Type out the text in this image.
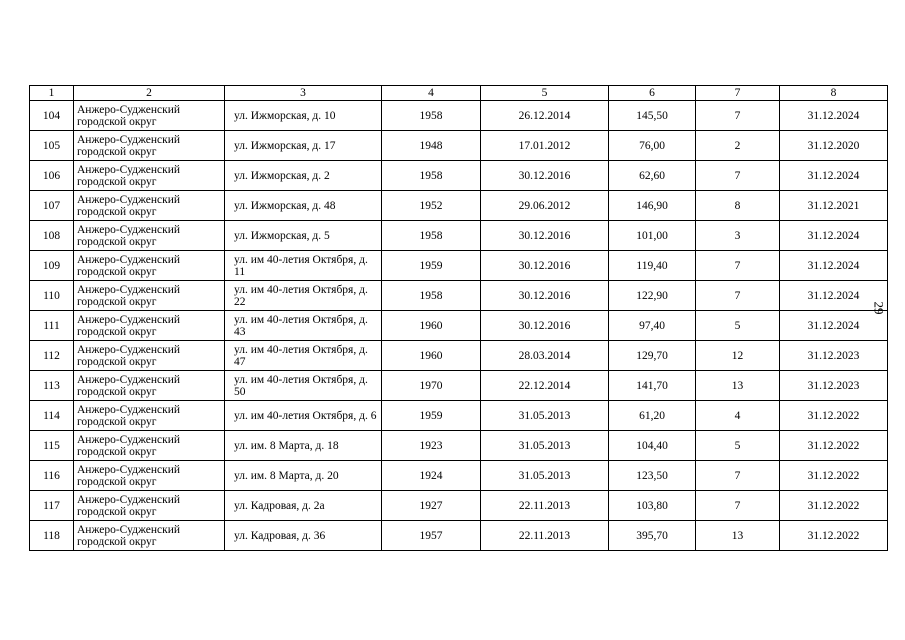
1	2	3	4	5	6	7	8
104	Анжеро-Судженский городской округ	ул. Ижморская, д. 10	1958	26.12.2014	145,50	7	31.12.2024
105	Анжеро-Судженский городской округ	ул. Ижморская, д. 17	1948	17.01.2012	76,00	2	31.12.2020
106	Анжеро-Судженский городской округ	ул. Ижморская, д. 2	1958	30.12.2016	62,60	7	31.12.2024
107	Анжеро-Судженский городской округ	ул. Ижморская, д. 48	1952	29.06.2012	146,90	8	31.12.2021
108	Анжеро-Судженский городской округ	ул. Ижморская, д. 5	1958	30.12.2016	101,00	3	31.12.2024
109	Анжеро-Судженский городской округ	ул. им 40-летия Октября, д. 11	1959	30.12.2016	119,40	7	31.12.2024
110	Анжеро-Судженский городской округ	ул. им 40-летия Октября, д. 22	1958	30.12.2016	122,90	7	31.12.2024
111	Анжеро-Судженский городской округ	ул. им 40-летия Октября, д. 43	1960	30.12.2016	97,40	5	31.12.2024
112	Анжеро-Судженский городской округ	ул. им 40-летия Октября, д. 47	1960	28.03.2014	129,70	12	31.12.2023
113	Анжеро-Судженский городской округ	ул. им 40-летия Октября, д. 50	1970	22.12.2014	141,70	13	31.12.2023
114	Анжеро-Судженский городской округ	ул. им 40-летия Октября, д. 6	1959	31.05.2013	61,20	4	31.12.2022
115	Анжеро-Судженский городской округ	ул. им. 8 Марта, д. 18	1923	31.05.2013	104,40	5	31.12.2022
116	Анжеро-Судженский городской округ	ул. им. 8 Марта, д. 20	1924	31.05.2013	123,50	7	31.12.2022
117	Анжеро-Судженский городской округ	ул. Кадровая, д. 2а	1927	22.11.2013	103,80	7	31.12.2022
118	Анжеро-Судженский городской округ	ул. Кадровая, д. 36	1957	22.11.2013	395,70	13	31.12.2022
29
